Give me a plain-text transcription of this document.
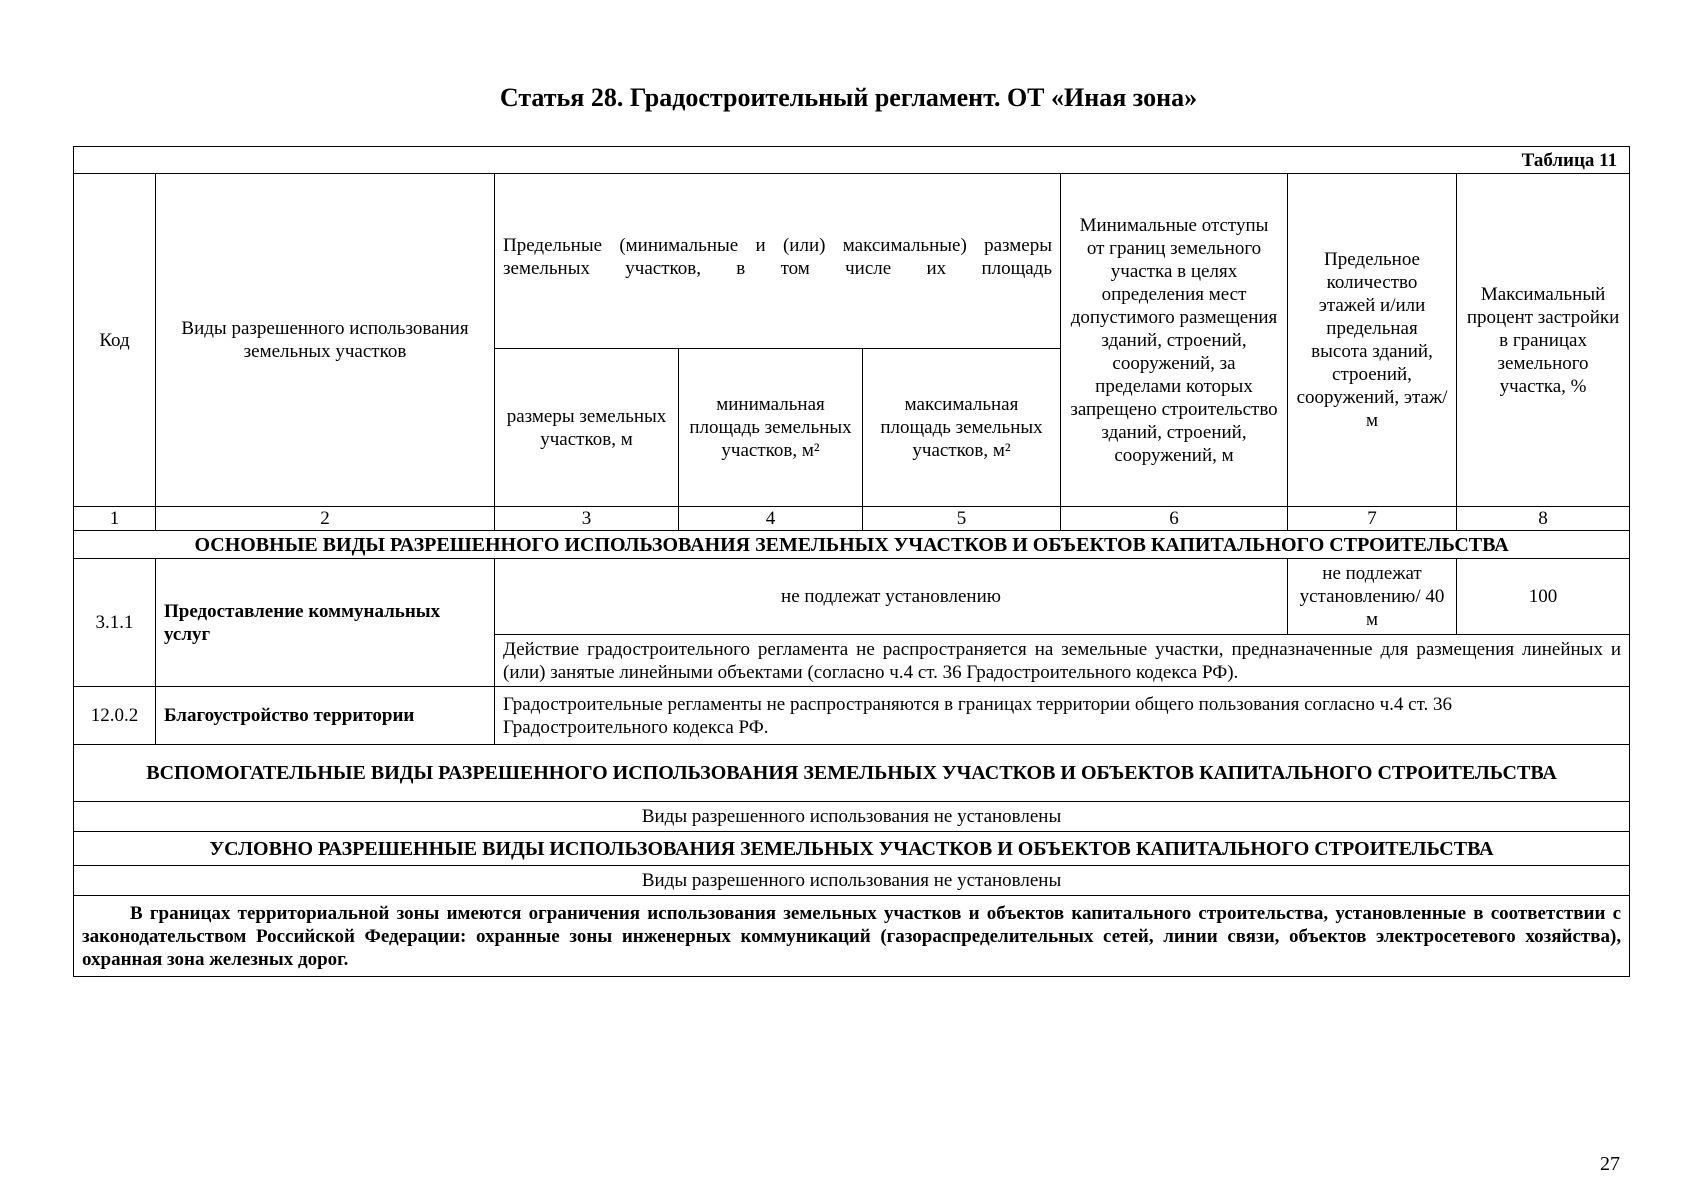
Статья 28. Градостроительный регламент. ОТ «Иная зона»
Таблица 11							
Код	Виды разрешенного использования земельных участков	Предельные (минимальные и (или) максимальные) размеры земельных участков, в том числе их площадь			Минимальные отступы от границ земельного участка в целях определения мест допустимого размещения зданий, строений, сооружений, за пределами которых запрещено строительство зданий, строений, сооружений, м	Предельное количество этажей и/или предельная высота зданий, строений, сооружений, этаж/м	Максимальный процент застройки в границах земельного участка, %
		размеры земельных участков, м	минимальная площадь земельных участков, м²	максимальная площадь земельных участков, м²			
1	2	3	4	5	6	7	8
ОСНОВНЫЕ ВИДЫ РАЗРЕШЕННОГО ИСПОЛЬЗОВАНИЯ ЗЕМЕЛЬНЫХ УЧАСТКОВ И ОБЪЕКТОВ КАПИТАЛЬНОГО СТРОИТЕЛЬСТВА							
3.1.1	Предоставление коммунальных услуг	не подлежат установлению				не подлежат установлению/ 40 м	100
		Действие градостроительного регламента не распространяется на земельные участки, предназначенные для размещения линейных и (или) занятые линейными объектами (согласно ч.4 ст. 36 Градостроительного кодекса РФ).					
12.0.2	Благоустройство территории	Градостроительные регламенты не распространяются в границах территории общего пользования согласно ч.4 ст. 36 Градостроительного кодекса РФ.					
ВСПОМОГАТЕЛЬНЫЕ ВИДЫ РАЗРЕШЕННОГО ИСПОЛЬЗОВАНИЯ ЗЕМЕЛЬНЫХ УЧАСТКОВ И ОБЪЕКТОВ КАПИТАЛЬНОГО СТРОИТЕЛЬСТВА							
Виды разрешенного использования не установлены							
УСЛОВНО РАЗРЕШЕННЫЕ ВИДЫ ИСПОЛЬЗОВАНИЯ ЗЕМЕЛЬНЫХ УЧАСТКОВ И ОБЪЕКТОВ КАПИТАЛЬНОГО СТРОИТЕЛЬСТВА							
Виды разрешенного использования не установлены							
В границах территориальной зоны имеются ограничения использования земельных участков и объектов капитального строительства, установленные в соответствии с законодательством Российской Федерации: охранные зоны инженерных коммуникаций (газораспределительных сетей, линии связи, объектов электросетевого хозяйства), охранная зона железных дорог.							
27
